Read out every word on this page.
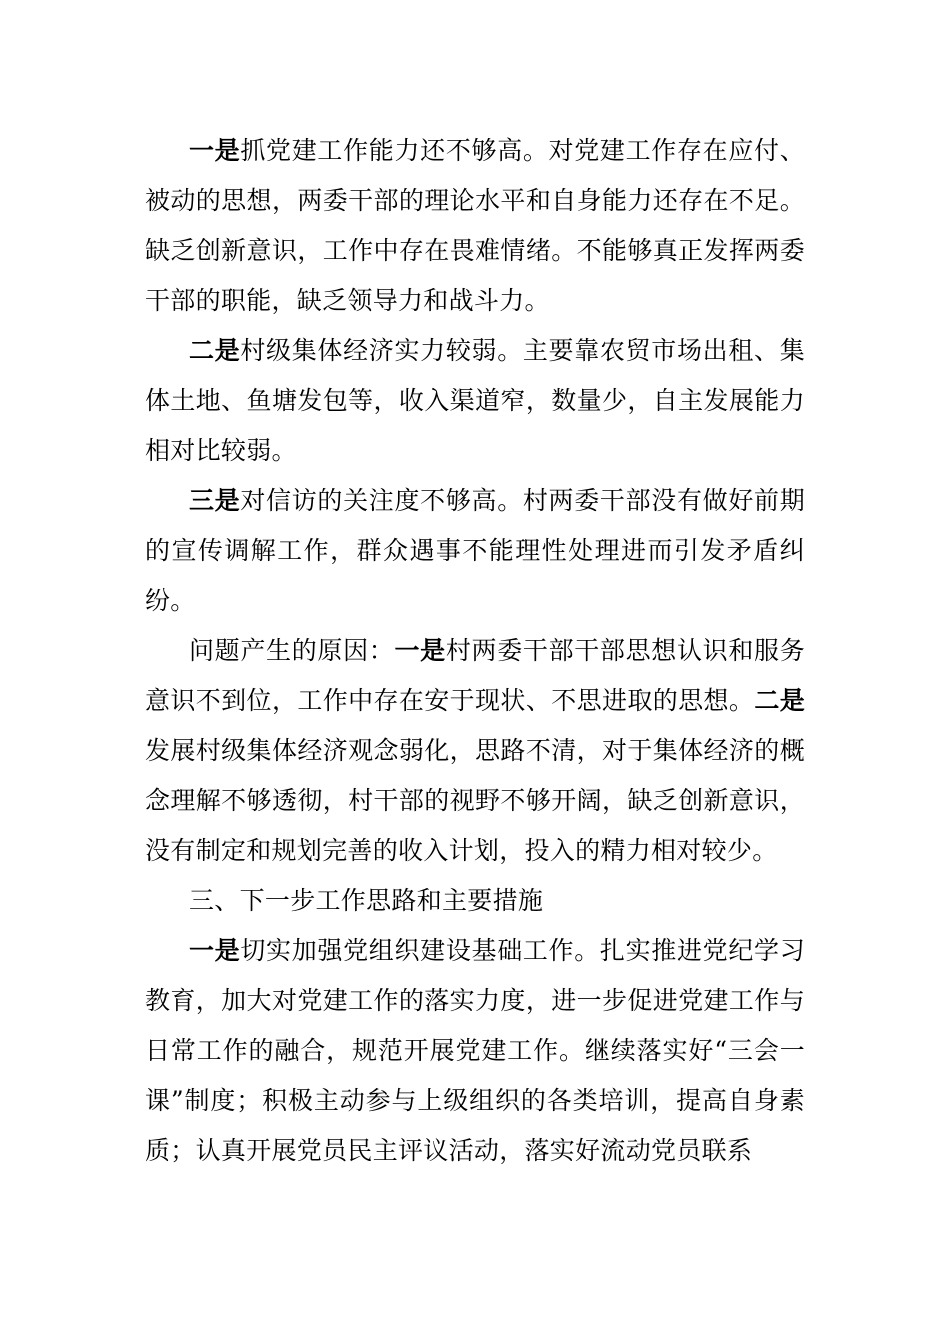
一是抓党建工作能力还不够高。对党建工作存在应付、被动的思想，两委干部的理论水平和自身能力还存在不足。缺乏创新意识，工作中存在畏难情绪。不能够真正发挥两委干部的职能，缺乏领导力和战斗力。

二是村级集体经济实力较弱。主要靠农贸市场出租、集体土地、鱼塘发包等，收入渠道窄，数量少，自主发展能力相对比较弱。

三是对信访的关注度不够高。村两委干部没有做好前期的宣传调解工作，群众遇事不能理性处理进而引发矛盾纠纷。

问题产生的原因：一是村两委干部干部思想认识和服务意识不到位，工作中存在安于现状、不思进取的思想。二是发展村级集体经济观念弱化，思路不清，对于集体经济的概念理解不够透彻，村干部的视野不够开阔，缺乏创新意识，没有制定和规划完善的收入计划，投入的精力相对较少。

三、下一步工作思路和主要措施

一是切实加强党组织建设基础工作。扎实推进党纪学习教育，加大对党建工作的落实力度，进一步促进党建工作与日常工作的融合，规范开展党建工作。继续落实好“三会一课”制度；积极主动参与上级组织的各类培训，提高自身素质；认真开展党员民主评议活动，落实好流动党员联系
